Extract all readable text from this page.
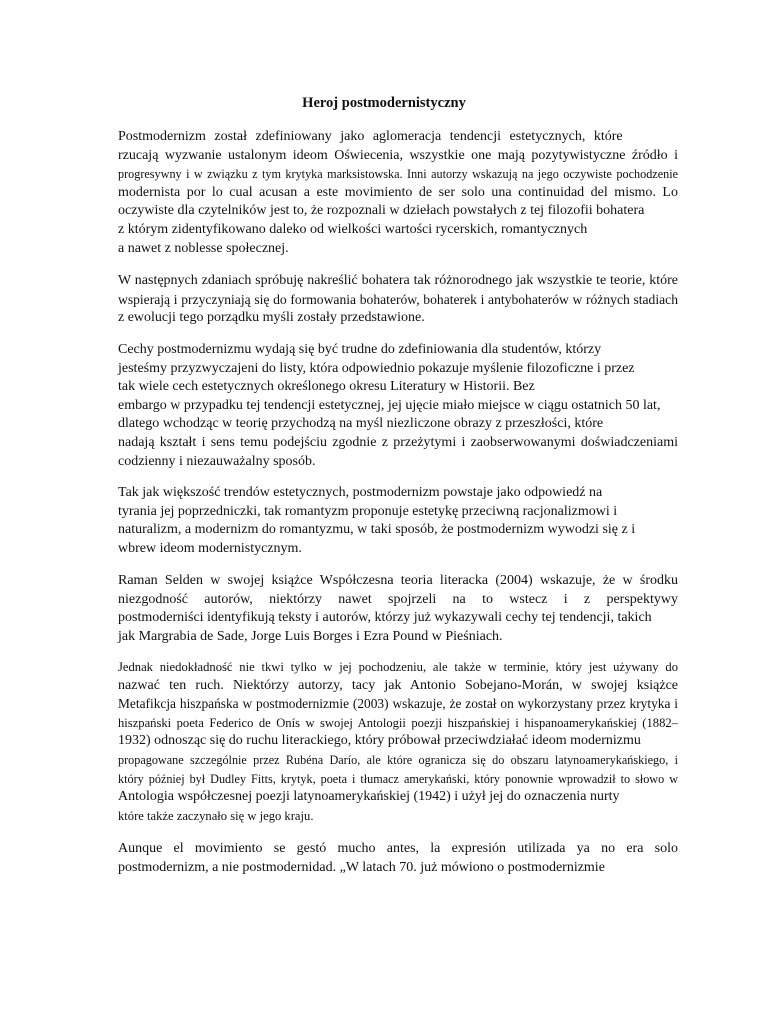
Heroj postmodernistyczny
Postmodernizm został zdefiniowany jako aglomeracja tendencji estetycznych, które
rzucają wyzwanie ustalonym ideom Oświecenia, wszystkie one mają pozytywistyczne źródło i
progresywny i w związku z tym krytyka marksistowska. Inni autorzy wskazują na jego oczywiste pochodzenie
modernista por lo cual acusan a este movimiento de ser solo una continuidad del mismo. Lo
oczywiste dla czytelników jest to, że rozpoznali w dziełach powstałych z tej filozofii bohatera
z którym zidentyfikowano daleko od wielkości wartości rycerskich, romantycznych
a nawet z noblesse społecznej.
W następnych zdaniach spróbuję nakreślić bohatera tak różnorodnego jak wszystkie te teorie, które
wspierają i przyczyniają się do formowania bohaterów, bohaterek i antybohaterów w różnych stadiach
z ewolucji tego porządku myśli zostały przedstawione.
Cechy postmodernizmu wydają się być trudne do zdefiniowania dla studentów, którzy
jesteśmy przyzwyczajeni do listy, która odpowiednio pokazuje myślenie filozoficzne i przez
tak wiele cech estetycznych określonego okresu Literatury w Historii. Bez
embargo w przypadku tej tendencji estetycznej, jej ujęcie miało miejsce w ciągu ostatnich 50 lat,
dlatego wchodząc w teorię przychodzą na myśl niezliczone obrazy z przeszłości, które
nadają kształt i sens temu podejściu zgodnie z przeżytymi i zaobserwowanymi doświadczeniami
codzienny i niezauważalny sposób.
Tak jak większość trendów estetycznych, postmodernizm powstaje jako odpowiedź na
tyrania jej poprzedniczki, tak romantyzm proponuje estetykę przeciwną racjonalizmowi i
naturalizm, a modernizm do romantyzmu, w taki sposób, że postmodernizm wywodzi się z i
wbrew ideom modernistycznym.
Raman Selden w swojej książce Współczesna teoria literacka (2004) wskazuje, że w środku
niezgodność autorów, niektórzy nawet spojrzeli na to wstecz i z perspektywy
postmoderniści identyfikują teksty i autorów, którzy już wykazywali cechy tej tendencji, takich
jak Margrabia de Sade, Jorge Luis Borges i Ezra Pound w Pieśniach.
Jednak niedokładność nie tkwi tylko w jej pochodzeniu, ale także w terminie, który jest używany do
nazwać ten ruch. Niektórzy autorzy, tacy jak Antonio Sobejano-Morán, w swojej książce
Metafikcja hiszpańska w postmodernizmie (2003) wskazuje, że został on wykorzystany przez krytyka i
hiszpański poeta Federico de Onís w swojej Antologii poezji hiszpańskiej i hispanoamerykańskiej (1882–
1932) odnosząc się do ruchu literackiego, który próbował przeciwdziałać ideom modernizmu
propagowane szczególnie przez Rubéna Darío, ale które ogranicza się do obszaru latynoamerykańskiego, i
który później był Dudley Fitts, krytyk, poeta i tłumacz amerykański, który ponownie wprowadził to słowo w
Antologia współczesnej poezji latynoamerykańskiej (1942) i użył jej do oznaczenia nurty
które także zaczynało się w jego kraju.
Aunque el movimiento se gestó mucho antes, la expresión utilizada ya no era solo
postmodernizm, a nie postmodernidad. „W latach 70. już mówiono o postmodernizmie
